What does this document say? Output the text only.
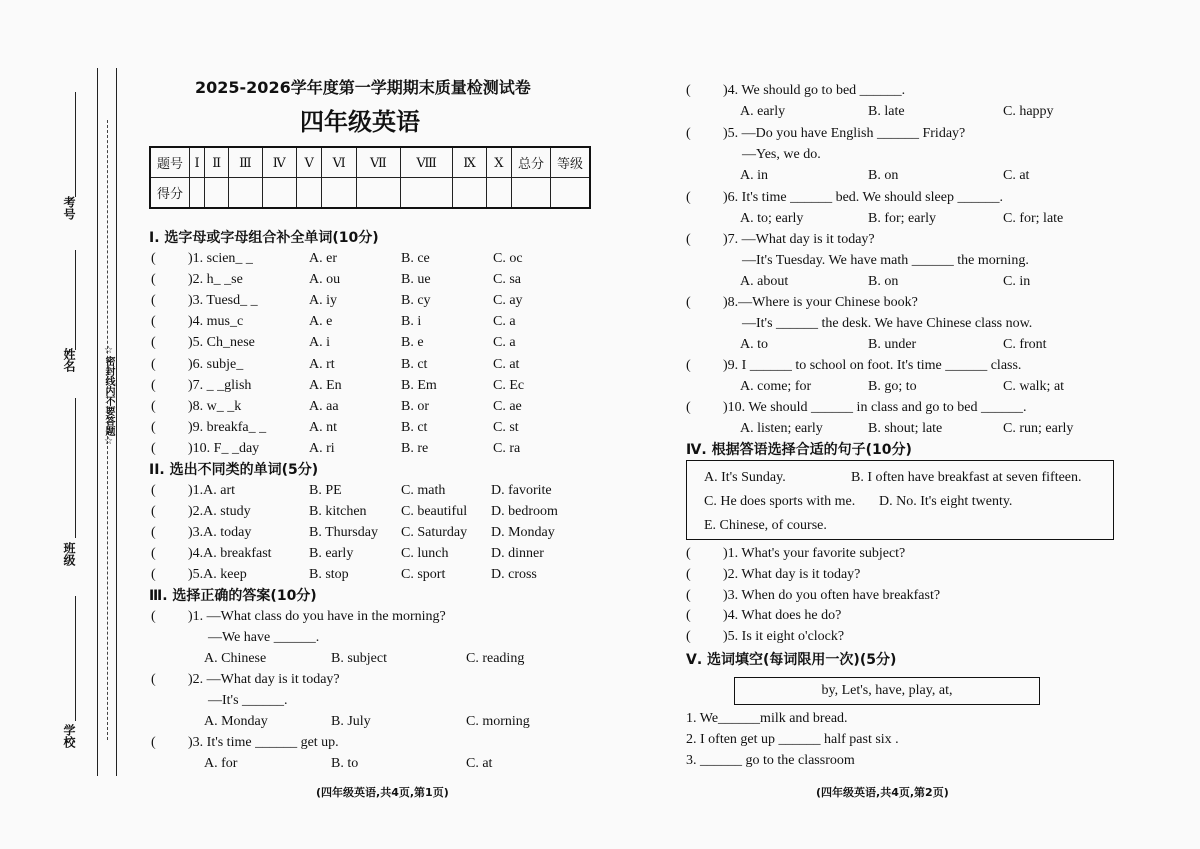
☆密封线内不要答题☆
考号
姓名
班级
学校
2025-2026学年度第一学期期末质量检测试卷
四年级英语
题号	Ⅰ	Ⅱ	Ⅲ	Ⅳ	Ⅴ	Ⅵ	Ⅶ	Ⅷ	Ⅸ	Ⅹ	总分	等级
得分												
I. 选字母或字母组合补全单词(10分)
( )1. scien_ _	A. er	B. ce	C. oc
( )2. h_ _se	A. ou	B. ue	C. sa
( )3. Tuesd_ _	A. iy	B. cy	C. ay
( )4. mus_c	A. e	B. i	C. a
( )5. Ch_nese	A. i	B. e	C. a
( )6. subje_	A. rt	B. ct	C. at
( )7. _ _glish	A. En	B. Em	C. Ec
( )8. w_ _k	A. aa	B. or	C. ae
( )9. breakfa_ _	A. nt	B. ct	C. st
( )10. F_ _day	A. ri	B. re	C. ra
II. 选出不同类的单词(5分)
( )1.A. art	B. PE	C. math	D. favorite
( )2.A. study	B. kitchen C. beautiful D. bedroom
( )3.A. today	B. Thursday C. Saturday D. Monday
( )4.A. breakfast	B. early	C. lunch	D. dinner
( )5.A. keep	B. stop	C. sport	D. cross
Ⅲ. 选择正确的答案(10分)
( )1. —What class do you have in the morning?
—We have ______.
A. Chinese	B. subject	C. reading
( )2. —What day is it today?
—It's ______.
A. Monday	B. July	C. morning
( )3. It's time ______ get up.
A. for	B. to	C. at
( )4. We should go to bed ______.
A. early	B. late	C. happy
( )5. —Do you have English ______ Friday?
—Yes, we do.
A. in	B. on	C. at
( )6. It's time ______ bed. We should sleep ______.
A. to; early	B. for; early	C. for; late
( )7. —What day is it today?
—It's Tuesday. We have math ______ the morning.
A. about	B. on	C. in
( )8.—Where is your Chinese book?
—It's ______ the desk. We have Chinese class now.
A. to	B. under	C. front
( )9. I ______ to school on foot. It's time ______ class.
A. come; for	B. go; to	C. walk; at
( )10. We should ______ in class and go to bed ______.
A. listen; early	B. shout; late	C. run; early
Ⅳ. 根据答语选择合适的句子(10分)
A. It's Sunday.	B. I often have breakfast at seven fifteen.
C. He does sports with me. D. No. It's eight twenty.
E. Chinese, of course.
( )1. What's your favorite subject?
( )2. What day is it today?
( )3. When do you often have breakfast?
( )4. What does he do?
( )5. Is it eight o'clock?
Ⅴ. 选词填空(每词限用一次)(5分)
by, Let's, have, play, at,
1. We______milk and bread.
2. I often get up ______ half past six .
3. ______ go to the classroom
(四年级英语,共4页,第1页)	(四年级英语,共4页,第2页)
